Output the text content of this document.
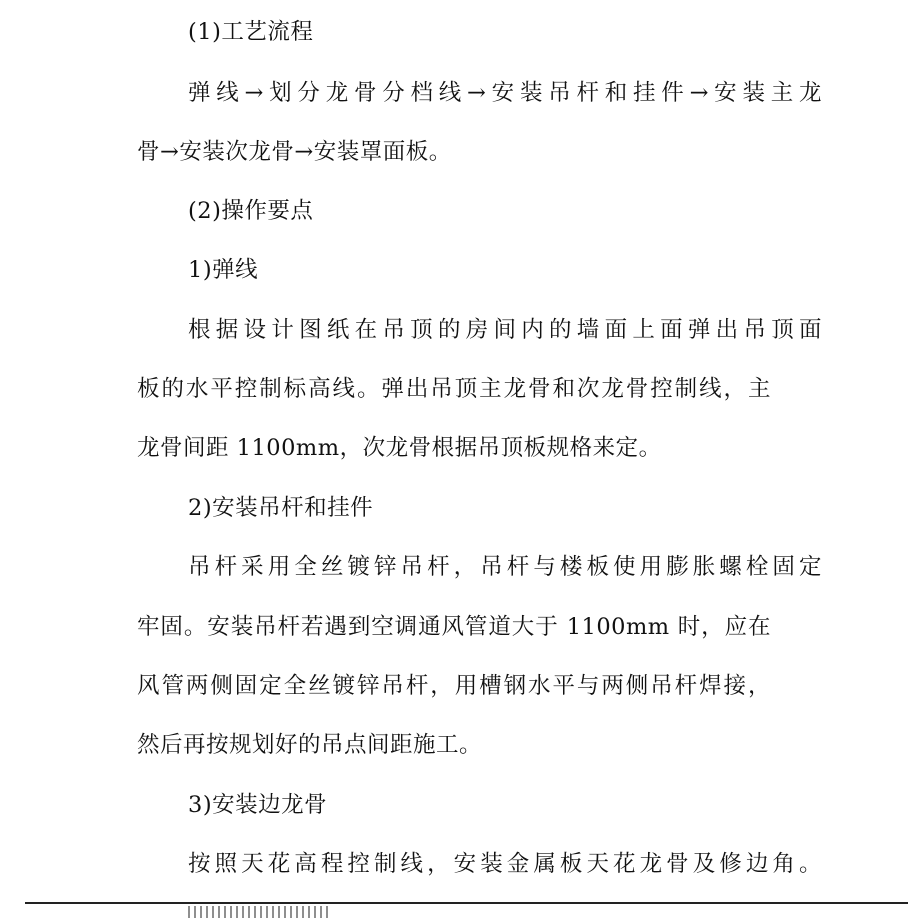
(1)工艺流程
弹线→划分龙骨分档线→安装吊杆和挂件→安装主龙
骨→安装次龙骨→安装罩面板。
(2)操作要点
1)弹线
根据设计图纸在吊顶的房间内的墙面上面弹出吊顶面
板的水平控制标高线。弹出吊顶主龙骨和次龙骨控制线，主
龙骨间距 1100mm，次龙骨根据吊顶板规格来定。
2)安装吊杆和挂件
吊杆采用全丝镀锌吊杆，吊杆与楼板使用膨胀螺栓固定
牢固。安装吊杆若遇到空调通风管道大于 1100mm 时，应在
风管两侧固定全丝镀锌吊杆，用槽钢水平与两侧吊杆焊接，
然后再按规划好的吊点间距施工。
3)安装边龙骨
按照天花高程控制线，安装金属板天花龙骨及修边角。
